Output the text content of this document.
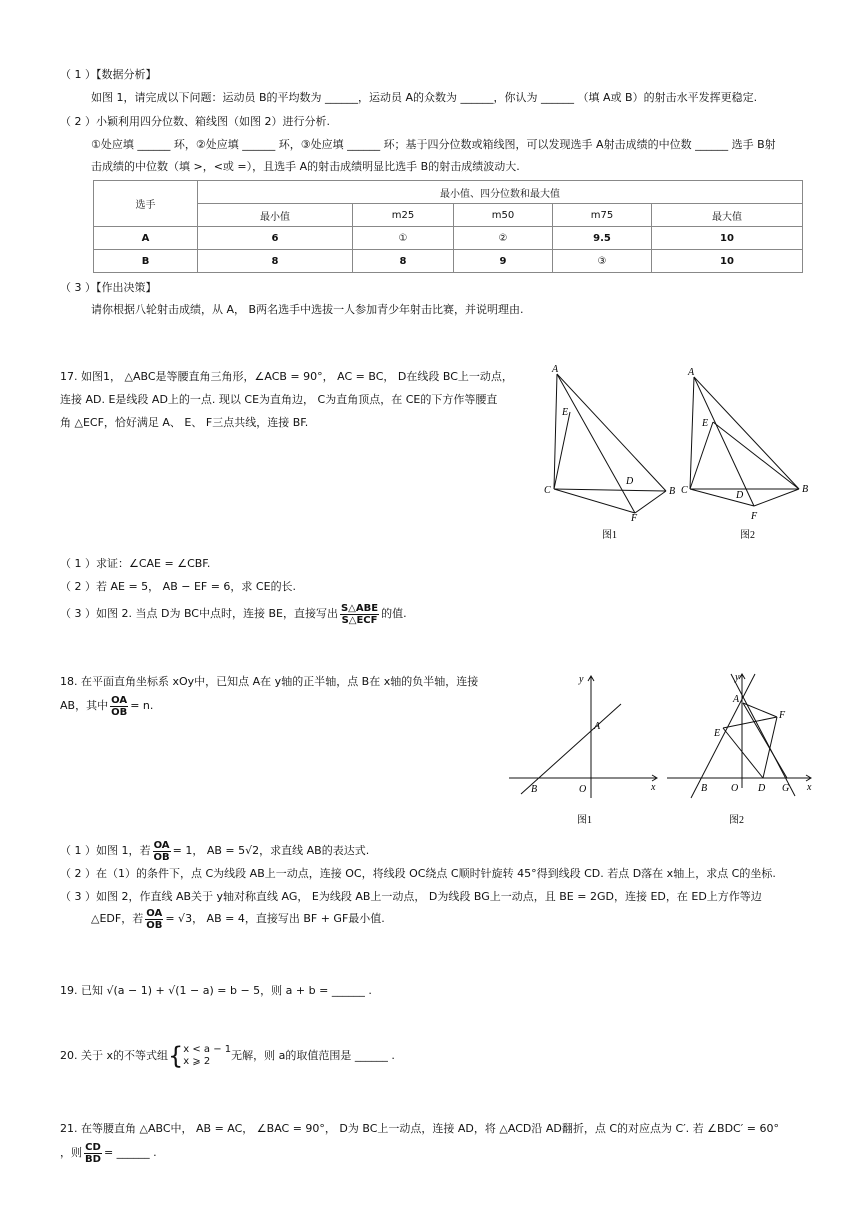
（ 1 ）【数据分析】
如图 1，请完成以下问题：运动员 B的平均数为 ______，运动员 A的众数为 ______，你认为 ______ （填 A或 B）的射击水平发挥更稳定.
（ 2 ）小颖利用四分位数、箱线图（如图 2）进行分析.
①处应填 ______ 环，②处应填 ______ 环，③处应填 ______ 环；基于四分位数或箱线图，可以发现选手 A射击成绩的中位数 ______ 选手 B射
击成绩的中位数（填 >，<或 =），且选手 A的射击成绩明显比选手 B的射击成绩波动大.
选手	最小值、四分位数和最大值				
	最小值	m25	m50	m75	最大值
A	6	①	②	9.5	10
B	8	8	9	③	10
（ 3 ）【作出决策】
请你根据八轮射击成绩，从 A， B两名选手中选拔一人参加青少年射击比赛，并说明理由.
17. 如图1， △ABC是等腰直角三角形，∠ACB = 90°， AC = BC， D在线段 BC上一动点，
连接 AD. E是线段 AD上的一点. 现以 CE为直角边， C为直角顶点，在 CE的下方作等腰直
角 △ECF，恰好满足 A、 E、 F三点共线，连接 BF.
A
E
C
D
B
F
图1
A
E
C	D
B
F
图2
（ 1 ）求证：∠CAE = ∠CBF.
（ 2 ）若 AE = 5， AB − EF = 6，求 CE的长.
（ 3 ）如图 2. 当点 D为 BC中点时，连接 BE，直接写出 $\frac{\text{S△ABE}}{\text{S△ECF}}$ 的值.
18. 在平面直角坐标系 xOy中，已知点 A在 y轴的正半轴，点 B在 x轴的负半轴，连接
AB，其中 $\frac{OA}{OB} = n$.
y
A
B	O	x
图1
y
A
B O	x
E
F
D G
图2
（ 1 ）如图 1，若 $\frac{OA}{OB} = 1$， AB = 5√2，求直线 AB的表达式.
（ 2 ）在（1）的条件下，点 C为线段 AB上一动点，连接 OC，将线段 OC绕点 C顺时针旋转 45°得到线段 CD. 若点 D落在 x轴上，求点 C的坐标.
（ 3 ）如图 2，作直线 AB关于 y轴对称直线 AG， E为线段 AB上一动点， D为线段 BG上一动点，且 BE = 2GD，连接 ED，在 ED上方作等边
△EDF，若 $\frac{OA}{OB} = √3$， AB = 4，直接写出 BF + GF最小值.
19. 已知 √(a − 1) + √(1 − a) = b − 5，则 a + b = ______ .
20. 关于 x的不等式组{ x < a − 1
x ⩾ 2	无解，则 a的取值范围是 ______ .
21. 在等腰直角 △ABC中， AB = AC， ∠BAC = 90°， D为 BC上一动点，连接 AD，将 △ACD沿 AD翻折，点 C的对应点为 C′. 若 ∠BDC′ = 60°
，则 $\frac{CD}{BD}$ = ______ .
